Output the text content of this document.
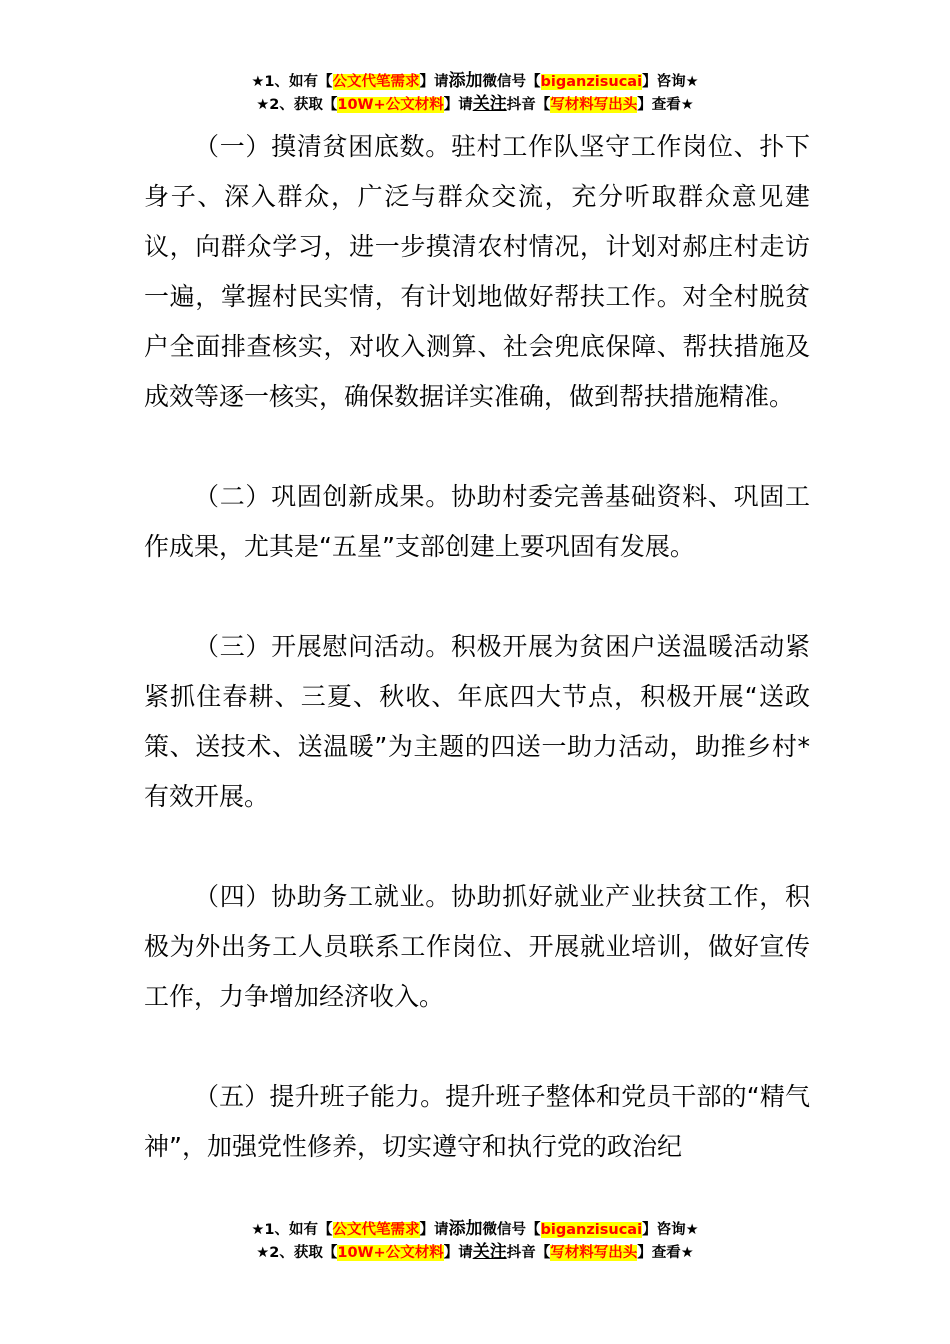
★1、如有【公文代笔需求】请添加微信号【biganzisucai】咨询★
★2、获取【10W+公文材料】请关注抖音【写材料写出头】查看★

（一）摸清贫困底数。驻村工作队坚守工作岗位、扑下身子、深入群众，广泛与群众交流，充分听取群众意见建议，向群众学习，进一步摸清农村情况，计划对郝庄村走访一遍，掌握村民实情，有计划地做好帮扶工作。对全村脱贫户全面排查核实，对收入测算、社会兜底保障、帮扶措施及成效等逐一核实，确保数据详实准确，做到帮扶措施精准。

（二）巩固创新成果。协助村委完善基础资料、巩固工作成果，尤其是“五星”支部创建上要巩固有发展。

（三）开展慰问活动。积极开展为贫困户送温暖活动紧紧抓住春耕、三夏、秋收、年底四大节点，积极开展“送政策、送技术、送温暖”为主题的四送一助力活动，助推乡村*有效开展。

（四）协助务工就业。协助抓好就业产业扶贫工作，积极为外出务工人员联系工作岗位、开展就业培训，做好宣传工作，力争增加经济收入。

（五）提升班子能力。提升班子整体和党员干部的“精气神”，加强党性修养，切实遵守和执行党的政治纪

★1、如有【公文代笔需求】请添加微信号【biganzisucai】咨询★
★2、获取【10W+公文材料】请关注抖音【写材料写出头】查看★
